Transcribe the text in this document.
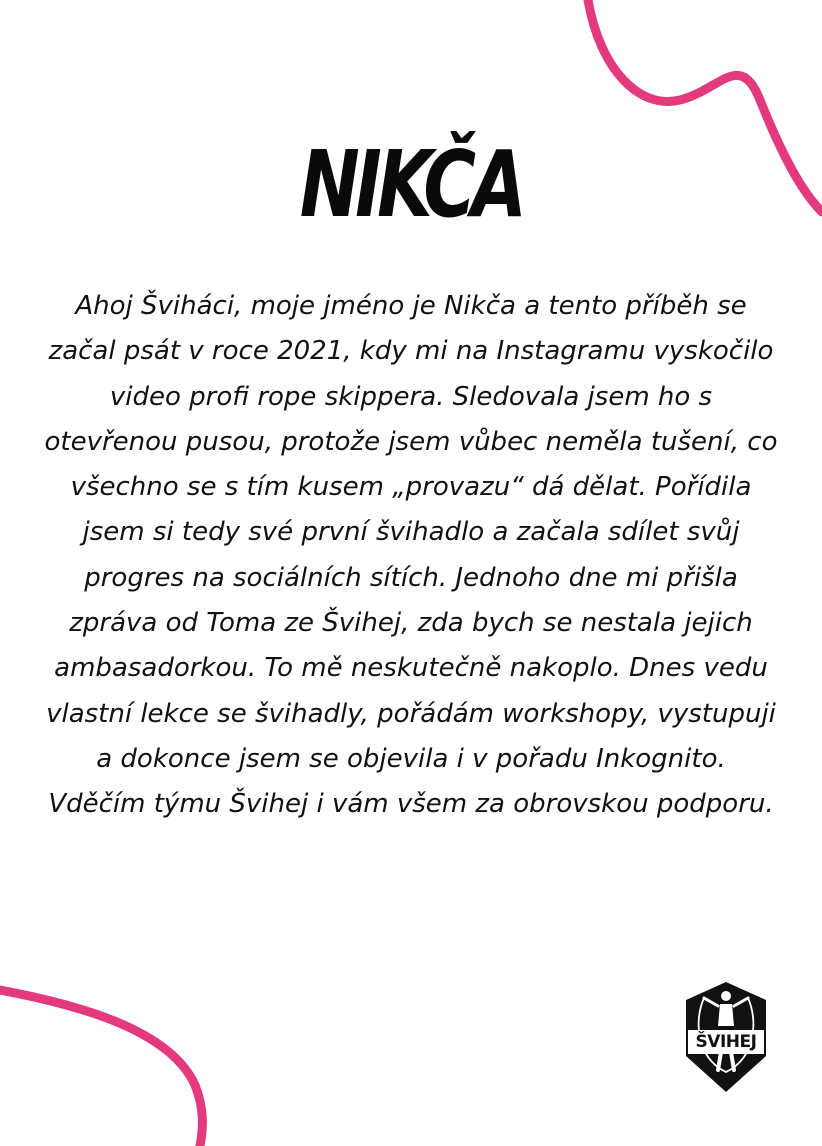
NIKČA

Ahoj Šviháci, moje jméno je Nikča a tento příběh se začal psát v roce 2021, kdy mi na Instagramu vyskočilo video profi rope skippera. Sledovala jsem ho s otevřenou pusou, protože jsem vůbec neměla tušení, co všechno se s tím kusem „provazu“ dá dělat. Pořídila jsem si tedy své první švihadlo a začala sdílet svůj progres na sociálních sítích. Jednoho dne mi přišla zpráva od Toma ze Švihej, zda bych se nestala jejich ambasadorkou. To mě neskutečně nakoplo. Dnes vedu vlastní lekce se švihadly, pořádám workshopy, vystupuji a dokonce jsem se objevila i v pořadu Inkognito. Vděčím týmu Švihej i vám všem za obrovskou podporu.

ŠVIHEJ
